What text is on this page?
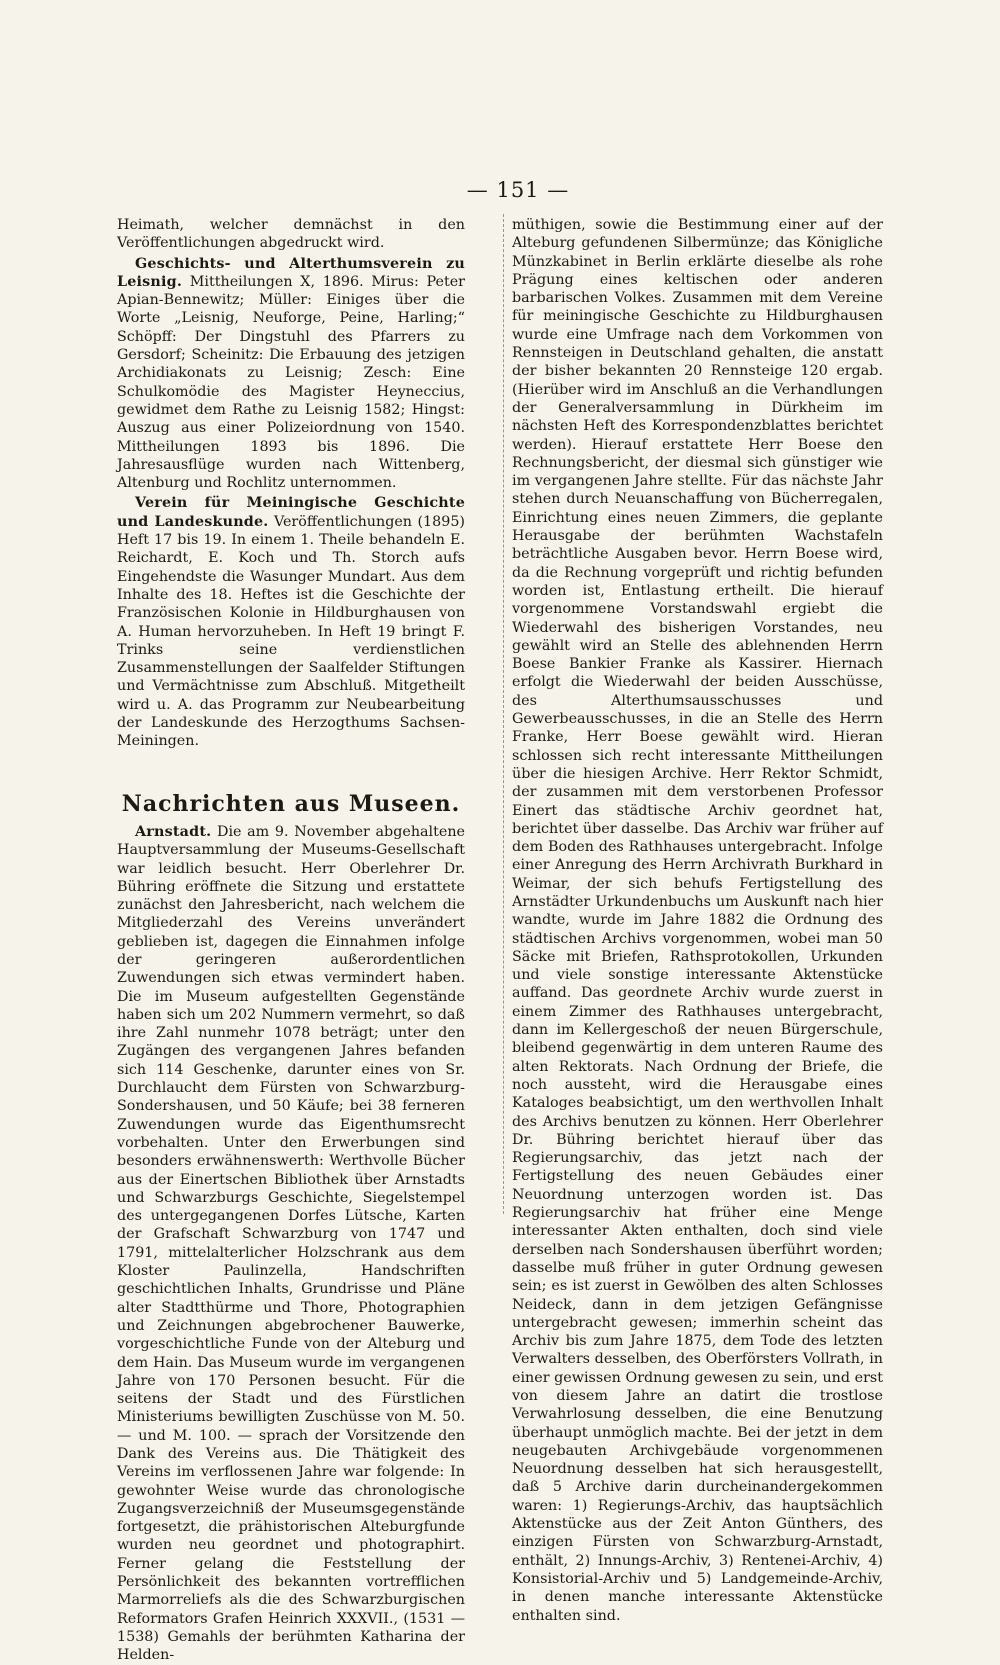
— 151 —

Heimath, welcher demnächst in den Veröffentlichungen abgedruckt wird.

Geschichts- und Alterthumsverein zu Leisnig. Mittheilungen X, 1896. Mirus: Peter Apian-Bennewitz; Müller: Einiges über die Worte „Leisnig, Neuforge, Peine, Harling;“ Schöpff: Der Dingstuhl des Pfarrers zu Gersdorf; Scheinitz: Die Erbauung des jetzigen Archidiakonats zu Leisnig; Zesch: Eine Schulkomödie des Magister Heyneccius, gewidmet dem Rathe zu Leisnig 1582; Hingst: Auszug aus einer Polizeiordnung von 1540. Mittheilungen 1893 bis 1896. Die Jahresausflüge wurden nach Wittenberg, Altenburg und Rochlitz unternommen.

Verein für Meiningische Geschichte und Landeskunde. Veröffentlichungen (1895) Heft 17 bis 19. In einem 1. Theile behandeln E. Reichardt, E. Koch und Th. Storch aufs Eingehendste die Wasunger Mundart. Aus dem Inhalte des 18. Heftes ist die Geschichte der Französischen Kolonie in Hildburghausen von A. Human hervorzuheben. In Heft 19 bringt F. Trinks seine verdienstlichen Zusammenstellungen der Saalfelder Stiftungen und Vermächtnisse zum Abschluß. Mitgetheilt wird u. A. das Programm zur Neubearbeitung der Landeskunde des Herzogthums Sachsen-Meiningen.

Nachrichten aus Museen.

Arnstadt. Die am 9. November abgehaltene Hauptversammlung der Museums-Gesellschaft war leidlich besucht. Herr Oberlehrer Dr. Bühring eröffnete die Sitzung und erstattete zunächst den Jahresbericht, nach welchem die Mitgliederzahl des Vereins unverändert geblieben ist, dagegen die Einnahmen infolge der geringeren außerordentlichen Zuwendungen sich etwas vermindert haben. Die im Museum aufgestellten Gegenstände haben sich um 202 Nummern vermehrt, so daß ihre Zahl nunmehr 1078 beträgt; unter den Zugängen des vergangenen Jahres befanden sich 114 Geschenke, darunter eines von Sr. Durchlaucht dem Fürsten von Schwarzburg-Sondershausen, und 50 Käufe; bei 38 ferneren Zuwendungen wurde das Eigenthumsrecht vorbehalten. Unter den Erwerbungen sind besonders erwähnenswerth: Werthvolle Bücher aus der Einertschen Bibliothek über Arnstadts und Schwarzburgs Geschichte, Siegelstempel des untergegangenen Dorfes Lütsche, Karten der Grafschaft Schwarzburg von 1747 und 1791, mittelalterlicher Holzschrank aus dem Kloster Paulinzella, Handschriften geschichtlichen Inhalts, Grundrisse und Pläne alter Stadtthürme und Thore, Photographien und Zeichnungen abgebrochener Bauwerke, vorgeschichtliche Funde von der Alteburg und dem Hain. Das Museum wurde im vergangenen Jahre von 170 Personen besucht. Für die seitens der Stadt und des Fürstlichen Ministeriums bewilligten Zuschüsse von M. 50. — und M. 100. — sprach der Vorsitzende den Dank des Vereins aus. Die Thätigkeit des Vereins im verflossenen Jahre war folgende: In gewohnter Weise wurde das chronologische Zugangsverzeichniß der Museumsgegenstände fortgesetzt, die prähistorischen Alteburgfunde wurden neu geordnet und photographirt. Ferner gelang die Feststellung der Persönlichkeit des bekannten vortrefflichen Marmorreliefs als die des Schwarzburgischen Reformators Grafen Heinrich XXXVII., (1531 —1538) Gemahls der berühmten Katharina der Helden-

müthigen, sowie die Bestimmung einer auf der Alteburg gefundenen Silbermünze; das Königliche Münzkabinet in Berlin erklärte dieselbe als rohe Prägung eines keltischen oder anderen barbarischen Volkes. Zusammen mit dem Vereine für meiningische Geschichte zu Hildburghausen wurde eine Umfrage nach dem Vorkommen von Rennsteigen in Deutschland gehalten, die anstatt der bisher bekannten 20 Rennsteige 120 ergab. (Hierüber wird im Anschluß an die Verhandlungen der Generalversammlung in Dürkheim im nächsten Heft des Korrespondenzblattes berichtet werden). Hierauf erstattete Herr Boese den Rechnungsbericht, der diesmal sich günstiger wie im vergangenen Jahre stellte. Für das nächste Jahr stehen durch Neuanschaffung von Bücherregalen, Einrichtung eines neuen Zimmers, die geplante Herausgabe der berühmten Wachstafeln beträchtliche Ausgaben bevor. Herrn Boese wird, da die Rechnung vorgeprüft und richtig befunden worden ist, Entlastung ertheilt. Die hierauf vorgenommene Vorstandswahl ergiebt die Wiederwahl des bisherigen Vorstandes, neu gewählt wird an Stelle des ablehnenden Herrn Boese Bankier Franke als Kassirer. Hiernach erfolgt die Wiederwahl der beiden Ausschüsse, des Alterthumsausschusses und Gewerbeausschusses, in die an Stelle des Herrn Franke, Herr Boese gewählt wird. Hieran schlossen sich recht interessante Mittheilungen über die hiesigen Archive. Herr Rektor Schmidt, der zusammen mit dem verstorbenen Professor Einert das städtische Archiv geordnet hat, berichtet über dasselbe. Das Archiv war früher auf dem Boden des Rathhauses untergebracht. Infolge einer Anregung des Herrn Archivrath Burkhard in Weimar, der sich behufs Fertigstellung des Arnstädter Urkundenbuchs um Auskunft nach hier wandte, wurde im Jahre 1882 die Ordnung des städtischen Archivs vorgenommen, wobei man 50 Säcke mit Briefen, Rathsprotokollen, Urkunden und viele sonstige interessante Aktenstücke auffand. Das geordnete Archiv wurde zuerst in einem Zimmer des Rathhauses untergebracht, dann im Kellergeschoß der neuen Bürgerschule, bleibend gegenwärtig in dem unteren Raume des alten Rektorats. Nach Ordnung der Briefe, die noch aussteht, wird die Herausgabe eines Kataloges beabsichtigt, um den werthvollen Inhalt des Archivs benutzen zu können. Herr Oberlehrer Dr. Bühring berichtet hierauf über das Regierungsarchiv, das jetzt nach der Fertigstellung des neuen Gebäudes einer Neuordnung unterzogen worden ist. Das Regierungsarchiv hat früher eine Menge interessanter Akten enthalten, doch sind viele derselben nach Sondershausen überführt worden; dasselbe muß früher in guter Ordnung gewesen sein; es ist zuerst in Gewölben des alten Schlosses Neideck, dann in dem jetzigen Gefängnisse untergebracht gewesen; immerhin scheint das Archiv bis zum Jahre 1875, dem Tode des letzten Verwalters desselben, des Oberförsters Vollrath, in einer gewissen Ordnung gewesen zu sein, und erst von diesem Jahre an datirt die trostlose Verwahrlosung desselben, die eine Benutzung überhaupt unmöglich machte. Bei der jetzt in dem neugebauten Archivgebäude vorgenommenen Neuordnung desselben hat sich herausgestellt, daß 5 Archive darin durcheinandergekommen waren: 1) Regierungs-Archiv, das hauptsächlich Aktenstücke aus der Zeit Anton Günthers, des einzigen Fürsten von Schwarzburg-Arnstadt, enthält, 2) Innungs-Archiv, 3) Rentenei-Archiv, 4) Konsistorial-Archiv und 5) Landgemeinde-Archiv, in denen manche interessante Aktenstücke enthalten sind.
